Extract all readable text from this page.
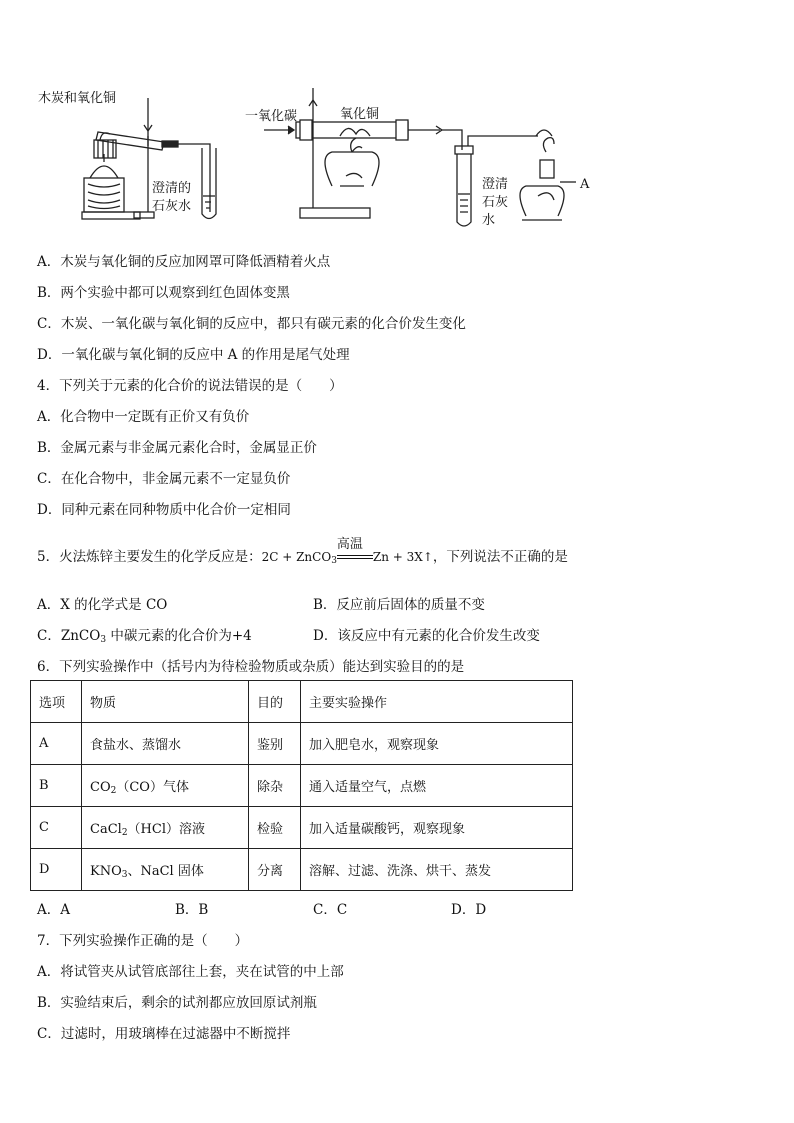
木炭和氧化铜
澄清的
石灰水
一氧化碳	氧化铜
澄清
石灰
水
A
A．木炭与氧化铜的反应加网罩可降低酒精着火点
B．两个实验中都可以观察到红色固体变黑
C．木炭、一氧化碳与氧化铜的反应中，都只有碳元素的化合价发生变化
D．一氧化碳与氧化铜的反应中 A 的作用是尾气处理
4．下列关于元素的化合价的说法错误的是（　　）
A．化合物中一定既有正价又有负价
B．金属元素与非金属元素化合时，金属显正价
C．在化合物中，非金属元素不一定显负价
D．同种元素在同种物质中化合价一定相同
5．火法炼锌主要发生的化学反应是：2C + ZnCO$_3$
高温
Zn + 3X↑，下列说法不正确的是
A．X 的化学式是 CO	B．反应前后固体的质量不变
C．ZnCO$_3$ 中碳元素的化合价为+4	D．该反应中有元素的化合价发生改变
6．下列实验操作中（括号内为待检验物质或杂质）能达到实验目的的是
选项	物质	目的	主要实验操作
A	食盐水、蒸馏水	鉴别	加入肥皂水，观察现象
B	$CO_2(CO)$气体	除杂	通入适量空气，点燃
C	CaCl$_2$（HCl）溶液	检验	加入适量碳酸钙，观察现象
D	$KNO_3$、NaCl 固体	分离	溶解、过滤、洗涤、烘干、蒸发
A．A	B．B	C．C	D．D
7．下列实验操作正确的是（　　）
A．将试管夹从试管底部往上套，夹在试管的中上部
B．实验结束后，剩余的试剂都应放回原试剂瓶
C．过滤时，用玻璃棒在过滤器中不断搅拌
